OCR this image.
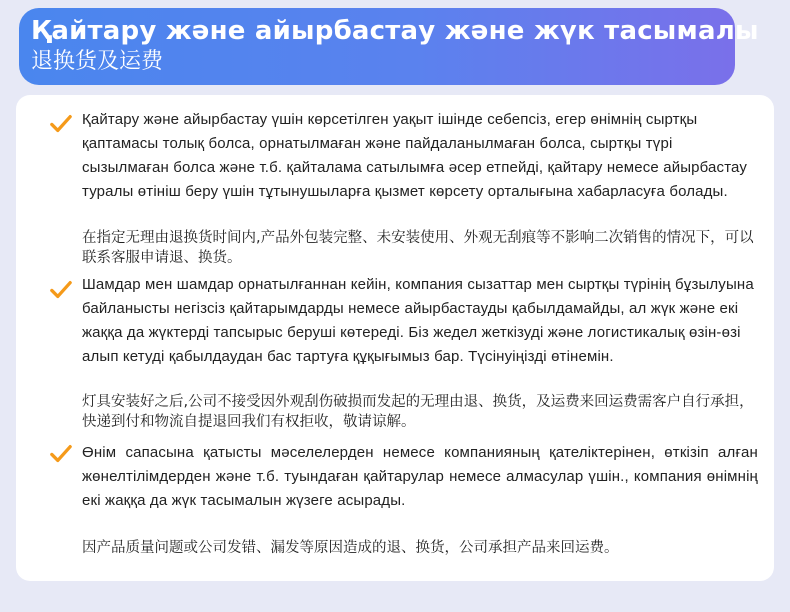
Қайтару және айырбастау және жүк тасымалы
退换货及运费
Қайтару және айырбастау үшін көрсетілген уақыт ішінде себепсіз, егер өнімнің сыртқы қаптамасы толық болса, орнатылмаған және пайдаланылмаған болса, сыртқы түрі сызылмаған болса және т.б. қайталама сатылымға әсер етпейді, қайтару немесе айырбастау туралы өтініш беру үшін тұтынушыларға қызмет көрсету орталығына хабарласуға болады.
在指定无理由退换货时间内,产品外包装完整、未安装使用、外观无刮痕等不影响二次销售的情况下，可以联系客服申请退、换货。
Шамдар мен шамдар орнатылғаннан кейін, компания сызаттар мен сыртқы түрінің бұзылуына байланысты негізсіз қайтарымдарды немесе айырбастауды қабылдамайды, ал жүк және екі жаққа да жүктерді тапсырыс беруші көтереді. Біз жедел жеткізуді және логистикалық өзін-өзі алып кетуді қабылдаудан бас тартуға құқығымыз бар. Түсінуіңізді өтінемін.
灯具安装好之后,公司不接受因外观刮伤破损而发起的无理由退、换货，及运费来回运费需客户自行承担，快递到付和物流自提退回我们有权拒收，敬请谅解。
Өнім сапасына қатысты мәселелерден немесе компанияның қателіктерінен, өткізіп алған жөнелтілімдерден және т.б. туындаған қайтарулар немесе алмасулар үшін., компания өнімнің екі жаққа да жүк тасымалын жүзеге асырады.
因产品质量问题或公司发错、漏发等原因造成的退、换货，公司承担产品来回运费。
